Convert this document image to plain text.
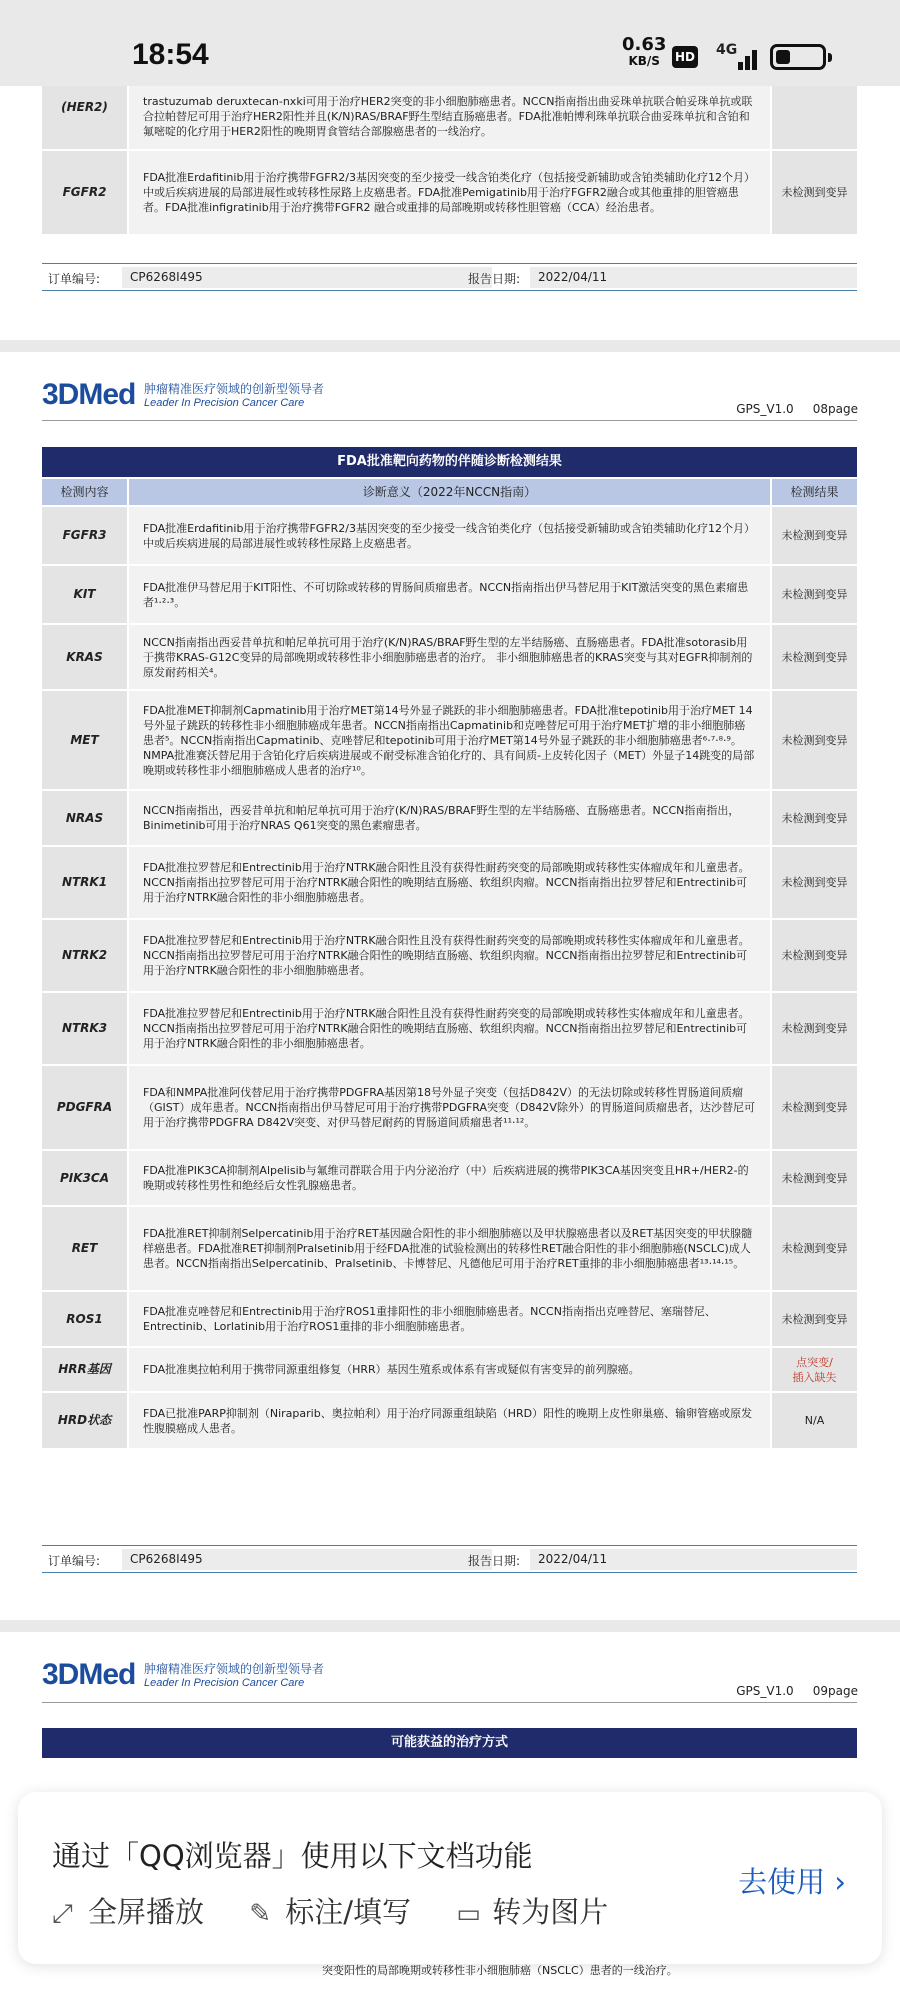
18:54	0.63
KB/S	HD 4G
(HER2)	trastuzumab deruxtecan-nxki可用于治疗HER2突变的非小细胞肺癌患者。NCCN指南指出曲妥珠单抗联合帕妥珠单抗或联合拉帕替尼可用于治疗HER2阳性并且(K/N)RAS/BRAF野生型结直肠癌患者。FDA批准帕博利珠单抗联合曲妥珠单抗和含铂和氟嘧啶的化疗用于HER2阳性的晚期胃食管结合部腺癌患者的一线治疗。	
FGFR2	FDA批准Erdafitinib用于治疗携带FGFR2/3基因突变的至少接受一线含铂类化疗（包括接受新辅助或含铂类辅助化疗12个月）中或后疾病进展的局部进展性或转移性尿路上皮癌患者。FDA批准Pemigatinib用于治疗FGFR2融合或其他重排的胆管癌患者。FDA批准infigratinib用于治疗携带FGFR2 融合或重排的局部晚期或转移性胆管癌（CCA）经治患者。	未检测到变异
订单编号:	CP6268I495	报告日期:	2022/04/11
3DMed 肿瘤精准医疗领域的创新型领导者
Leader In Precision Cancer Care	GPS_V1.0     08page
FDA批准靶向药物的伴随诊断检测结果
检测内容	诊断意义（2022年NCCN指南）	检测结果
FGFR3	FDA批准Erdafitinib用于治疗携带FGFR2/3基因突变的至少接受一线含铂类化疗（包括接受新辅助或含铂类辅助化疗12个月）中或后疾病进展的局部进展性或转移性尿路上皮癌患者。	未检测到变异
KIT	FDA批准伊马替尼用于KIT阳性、不可切除或转移的胃肠间质瘤患者。NCCN指南指出伊马替尼用于KIT激活突变的黑色素瘤患者¹·²·³。	未检测到变异
KRAS	NCCN指南指出西妥昔单抗和帕尼单抗可用于治疗(K/N)RAS/BRAF野生型的左半结肠癌、直肠癌患者。FDA批准sotorasib用于携带KRAS-G12C变异的局部晚期或转移性非小细胞肺癌患者的治疗。 非小细胞肺癌患者的KRAS突变与其对EGFR抑制剂的原发耐药相关⁴。	未检测到变异
MET	FDA批准MET抑制剂Capmatinib用于治疗MET第14号外显子跳跃的非小细胞肺癌患者。FDA批准tepotinib用于治疗MET 14号外显子跳跃的转移性非小细胞肺癌成年患者。NCCN指南指出Capmatinib和克唑替尼可用于治疗MET扩增的非小细胞肺癌患者⁵。NCCN指南指出Capmatinib、克唑替尼和tepotinib可用于治疗MET第14号外显子跳跃的非小细胞肺癌患者⁶·⁷·⁸·⁹。NMPA批准赛沃替尼用于含铂化疗后疾病进展或不耐受标准含铂化疗的、具有间质-上皮转化因子（MET）外显子14跳变的局部晚期或转移性非小细胞肺癌成人患者的治疗¹⁰。	未检测到变异
NRAS	NCCN指南指出，西妥昔单抗和帕尼单抗可用于治疗(K/N)RAS/BRAF野生型的左半结肠癌、直肠癌患者。NCCN指南指出，Binimetinib可用于治疗NRAS Q61突变的黑色素瘤患者。	未检测到变异
NTRK1	FDA批准拉罗替尼和Entrectinib用于治疗NTRK融合阳性且没有获得性耐药突变的局部晚期或转移性实体瘤成年和儿童患者。NCCN指南指出拉罗替尼可用于治疗NTRK融合阳性的晚期结直肠癌、软组织肉瘤。NCCN指南指出拉罗替尼和Entrectinib可用于治疗NTRK融合阳性的非小细胞肺癌患者。	未检测到变异
NTRK2	FDA批准拉罗替尼和Entrectinib用于治疗NTRK融合阳性且没有获得性耐药突变的局部晚期或转移性实体瘤成年和儿童患者。NCCN指南指出拉罗替尼可用于治疗NTRK融合阳性的晚期结直肠癌、软组织肉瘤。NCCN指南指出拉罗替尼和Entrectinib可用于治疗NTRK融合阳性的非小细胞肺癌患者。	未检测到变异
NTRK3	FDA批准拉罗替尼和Entrectinib用于治疗NTRK融合阳性且没有获得性耐药突变的局部晚期或转移性实体瘤成年和儿童患者。NCCN指南指出拉罗替尼可用于治疗NTRK融合阳性的晚期结直肠癌、软组织肉瘤。NCCN指南指出拉罗替尼和Entrectinib可用于治疗NTRK融合阳性的非小细胞肺癌患者。	未检测到变异
PDGFRA	FDA和NMPA批准阿伐替尼用于治疗携带PDGFRA基因第18号外显子突变（包括D842V）的无法切除或转移性胃肠道间质瘤（GIST）成年患者。NCCN指南指出伊马替尼可用于治疗携带PDGFRA突变（D842V除外）的胃肠道间质瘤患者，达沙替尼可用于治疗携带PDGFRA D842V突变、对伊马替尼耐药的胃肠道间质瘤患者¹¹·¹²。	未检测到变异
PIK3CA	FDA批准PIK3CA抑制剂Alpelisib与氟维司群联合用于内分泌治疗（中）后疾病进展的携带PIK3CA基因突变且HR+/HER2-的晚期或转移性男性和绝经后女性乳腺癌患者。	未检测到变异
RET	FDA批准RET抑制剂Selpercatinib用于治疗RET基因融合阳性的非小细胞肺癌以及甲状腺癌患者以及RET基因突变的甲状腺髓样癌患者。FDA批准RET抑制剂Pralsetinib用于经FDA批准的试验检测出的转移性RET融合阳性的非小细胞肺癌(NSCLC)成人患者。NCCN指南指出Selpercatinib、Pralsetinib、卡博替尼、凡德他尼可用于治疗RET重排的非小细胞肺癌患者¹³·¹⁴·¹⁵。	未检测到变异
ROS1	FDA批准克唑替尼和Entrectinib用于治疗ROS1重排阳性的非小细胞肺癌患者。NCCN指南指出克唑替尼、塞瑞替尼、Entrectinib、Lorlatinib用于治疗ROS1重排的非小细胞肺癌患者。	未检测到变异
HRR基因	FDA批准奥拉帕利用于携带同源重组修复（HRR）基因生殖系或体系有害或疑似有害变异的前列腺癌。	点突变/
插入缺失
HRD状态	FDA已批准PARP抑制剂（Niraparib、奥拉帕利）用于治疗同源重组缺陷（HRD）阳性的晚期上皮性卵巢癌、输卵管癌或原发性腹膜癌成人患者。	N/A
订单编号:	CP6268I495	报告日期:	2022/04/11
3DMed 肿瘤精准医疗领域的创新型领导者
Leader In Precision Cancer Care
GPS_V1.0     09page
可能获益的治疗方式
突变阳性的局部晚期或转移性非小细胞肺癌（NSCLC）患者的一线治疗。
通过「QQ浏览器」使用以下文档功能
⤢ 全屏播放 ✎ 标注/填写 ▭ 转为图片
去使用 ›
